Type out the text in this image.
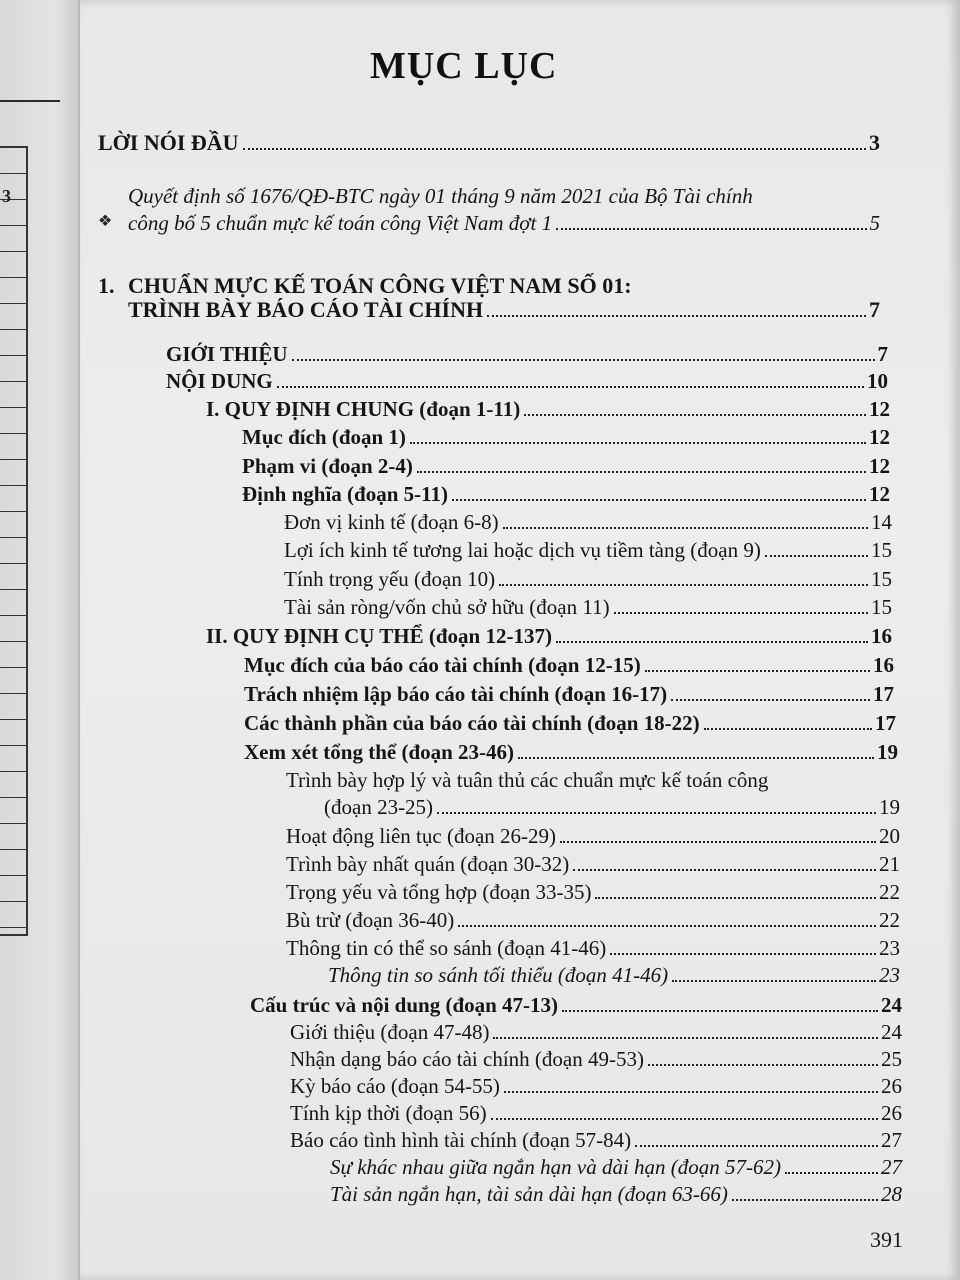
3
MỤC LỤC
LỜI NÓI ĐẦU	3
❖
Quyết định số 1676/QĐ-BTC ngày 01 tháng 9 năm 2021 của Bộ Tài chính
công bố 5 chuẩn mực kế toán công Việt Nam đợt 1	5
1. CHUẨN MỰC KẾ TOÁN CÔNG VIỆT NAM SỐ 01:
TRÌNH BÀY BÁO CÁO TÀI CHÍNH	7
GIỚI THIỆU	7
NỘI DUNG	10
I. QUY ĐỊNH CHUNG (đoạn 1-11)	12
Mục đích (đoạn 1)	12
Phạm vi (đoạn 2-4)	12
Định nghĩa (đoạn 5-11)	12
Đơn vị kinh tế (đoạn 6-8)	14
Lợi ích kinh tế tương lai hoặc dịch vụ tiềm tàng (đoạn 9)	15
Tính trọng yếu (đoạn 10)	15
Tài sản ròng/vốn chủ sở hữu (đoạn 11)	15
II. QUY ĐỊNH CỤ THỂ (đoạn 12-137)	16
Mục đích của báo cáo tài chính (đoạn 12-15)	16
Trách nhiệm lập báo cáo tài chính (đoạn 16-17)	17
Các thành phần của báo cáo tài chính (đoạn 18-22)	17
Xem xét tổng thể (đoạn 23-46)	19
Trình bày hợp lý và tuân thủ các chuẩn mực kế toán công
(đoạn 23-25)	19
Hoạt động liên tục (đoạn 26-29)	20
Trình bày nhất quán (đoạn 30-32)	21
Trọng yếu và tổng hợp (đoạn 33-35)	22
Bù trừ (đoạn 36-40)	22
Thông tin có thể so sánh (đoạn 41-46)	23
Thông tin so sánh tối thiểu (đoạn 41-46)	23
Cấu trúc và nội dung (đoạn 47-13)	24
Giới thiệu (đoạn 47-48)	24
Nhận dạng báo cáo tài chính (đoạn 49-53)	25
Kỳ báo cáo (đoạn 54-55)	26
Tính kịp thời (đoạn 56)	26
Báo cáo tình hình tài chính (đoạn 57-84)	27
Sự khác nhau giữa ngắn hạn và dài hạn (đoạn 57-62)	27
Tài sản ngắn hạn, tài sản dài hạn (đoạn 63-66)	28
391
